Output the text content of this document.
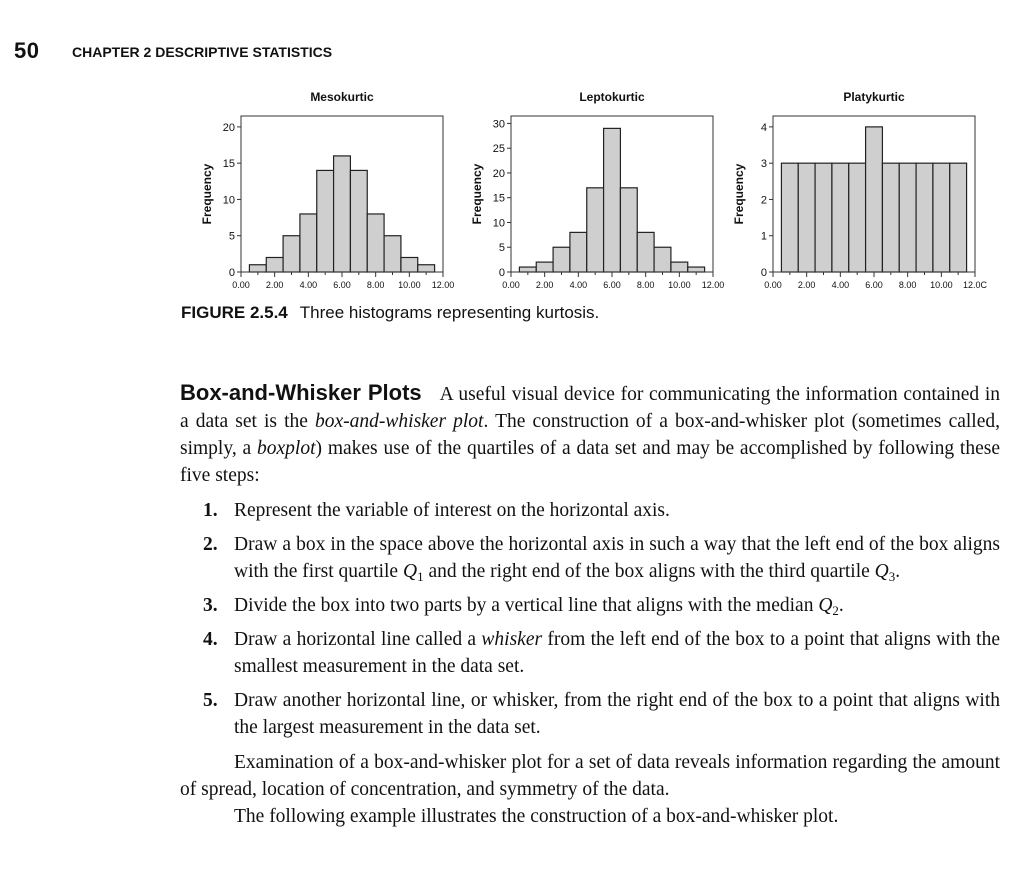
50 CHAPTER 2 DESCRIPTIVE STATISTICS
Mesokurtic
Frequency
0
5
10
15
20
0.00 2.00 4.00 6.00 8.00 10.00 12.00
Leptokurtic
Frequency
0
5
10
15
20
25
30
0.00 2.00 4.00 6.00 8.00 10.00 12.00
Platykurtic
Frequency
0
1
2
3
4
0.00 2.00 4.00 6.00 8.00 10.00 12.0C
FIGURE 2.5.4 Three histograms representing kurtosis.

Box-and-Whisker Plots A useful visual device for communicating the information contained in a data set is the box-and-whisker plot. The construction of a box-and-whisker plot (sometimes called, simply, a boxplot) makes use of the quartiles of a data set and may be accomplished by following these five steps:

1. Represent the variable of interest on the horizontal axis.
2. Draw a box in the space above the horizontal axis in such a way that the left end of the box aligns with the first quartile $Q_1$ and the right end of the box aligns with the third quartile $Q_3$.
3. Divide the box into two parts by a vertical line that aligns with the median $Q_2$.
4. Draw a horizontal line called a whisker from the left end of the box to a point that aligns with the smallest measurement in the data set.
5. Draw another horizontal line, or whisker, from the right end of the box to a point that aligns with the largest measurement in the data set.

Examination of a box-and-whisker plot for a set of data reveals information regarding the amount of spread, location of concentration, and symmetry of the data.

The following example illustrates the construction of a box-and-whisker plot.
